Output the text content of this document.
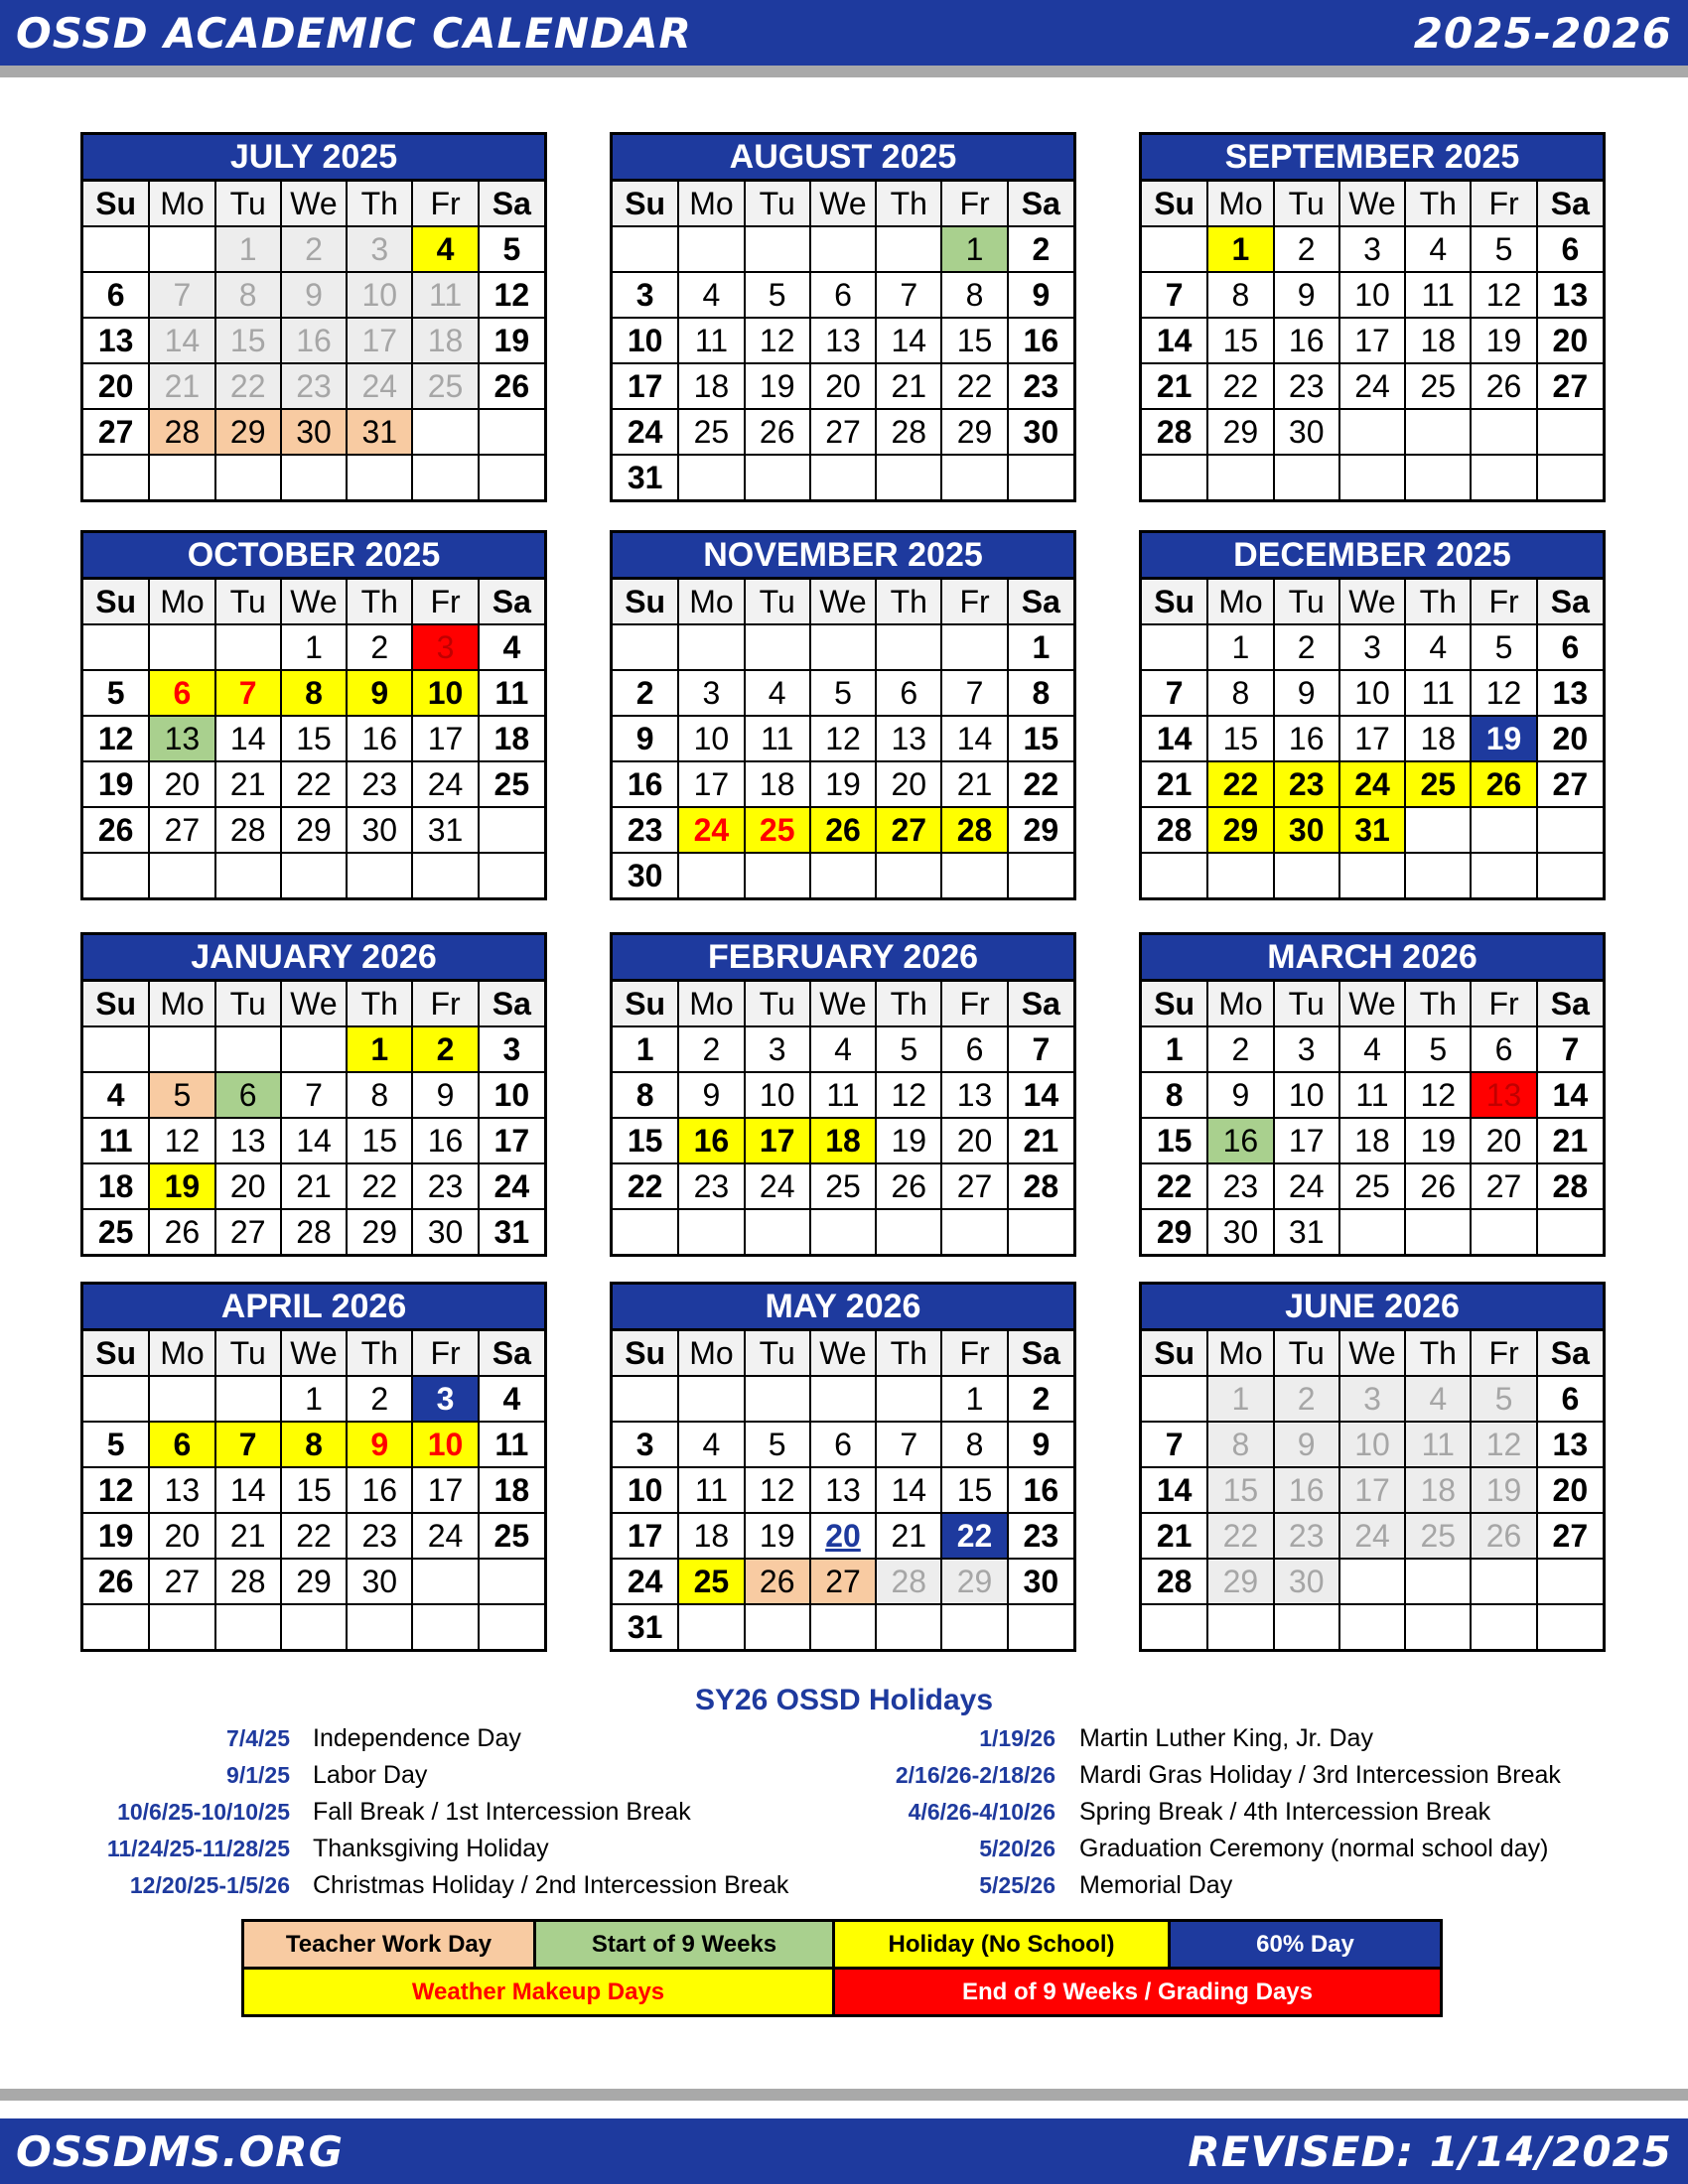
OSSD ACADEMIC CALENDAR	2025-2026
JULY 2025
Su	Mo	Tu	We	Th	Fr	Sa
		1	2	3	4	5
6	7	8	9	10	11	12
13	14	15	16	17	18	19
20	21	22	23	24	25	26
27	28	29	30	31		

AUGUST 2025
Su	Mo	Tu	We	Th	Fr	Sa
					1	2
3	4	5	6	7	8	9
10	11	12	13	14	15	16
17	18	19	20	21	22	23
24	25	26	27	28	29	30
31						
SEPTEMBER 2025
Su	Mo	Tu	We	Th	Fr	Sa
	1	2	3	4	5	6
7	8	9	10	11	12	13
14	15	16	17	18	19	20
21	22	23	24	25	26	27
28	29	30				

OCTOBER 2025
Su	Mo	Tu	We	Th	Fr	Sa
			1	2	3	4
5	6	7	8	9	10	11
12	13	14	15	16	17	18
19	20	21	22	23	24	25
26	27	28	29	30	31	

NOVEMBER 2025
Su	Mo	Tu	We	Th	Fr	Sa
						1
2	3	4	5	6	7	8
9	10	11	12	13	14	15
16	17	18	19	20	21	22
23	24	25	26	27	28	29
30						
DECEMBER 2025
Su	Mo	Tu	We	Th	Fr	Sa
	1	2	3	4	5	6
7	8	9	10	11	12	13
14	15	16	17	18	19	20
21	22	23	24	25	26	27
28	29	30	31			

JANUARY 2026
Su	Mo	Tu	We	Th	Fr	Sa
				1	2	3
4	5	6	7	8	9	10
11	12	13	14	15	16	17
18	19	20	21	22	23	24
25	26	27	28	29	30	31
FEBRUARY 2026
Su	Mo	Tu	We	Th	Fr	Sa
1	2	3	4	5	6	7
8	9	10	11	12	13	14
15	16	17	18	19	20	21
22	23	24	25	26	27	28

MARCH 2026
Su	Mo	Tu	We	Th	Fr	Sa
1	2	3	4	5	6	7
8	9	10	11	12	13	14
15	16	17	18	19	20	21
22	23	24	25	26	27	28
29	30	31				
APRIL 2026
Su	Mo	Tu	We	Th	Fr	Sa
			1	2	3	4
5	6	7	8	9	10	11
12	13	14	15	16	17	18
19	20	21	22	23	24	25
26	27	28	29	30		

MAY 2026
Su	Mo	Tu	We	Th	Fr	Sa
					1	2
3	4	5	6	7	8	9
10	11	12	13	14	15	16
17	18	19	20	21	22	23
24	25	26	27	28	29	30
31						
JUNE 2026
Su	Mo	Tu	We	Th	Fr	Sa
	1	2	3	4	5	6
7	8	9	10	11	12	13
14	15	16	17	18	19	20
21	22	23	24	25	26	27
28	29	30				

SY26 OSSD Holidays
7/4/25 Independence Day
9/1/25 Labor Day
10/6/25-10/10/25 Fall Break / 1st Intercession Break
11/24/25-11/28/25 Thanksgiving Holiday
12/20/25-1/5/26 Christmas Holiday / 2nd Intercession Break
1/19/26 Martin Luther King, Jr. Day
2/16/26-2/18/26 Mardi Gras Holiday / 3rd Intercession Break
4/6/26-4/10/26 Spring Break / 4th Intercession Break
5/20/26 Graduation Ceremony (normal school day)
5/25/26 Memorial Day
Teacher Work Day	Start of 9 Weeks	Holiday (No School)	60% Day
Weather Makeup Days	End of 9 Weeks / Grading Days
OSSDMS.ORG	REVISED: 1/14/2025
